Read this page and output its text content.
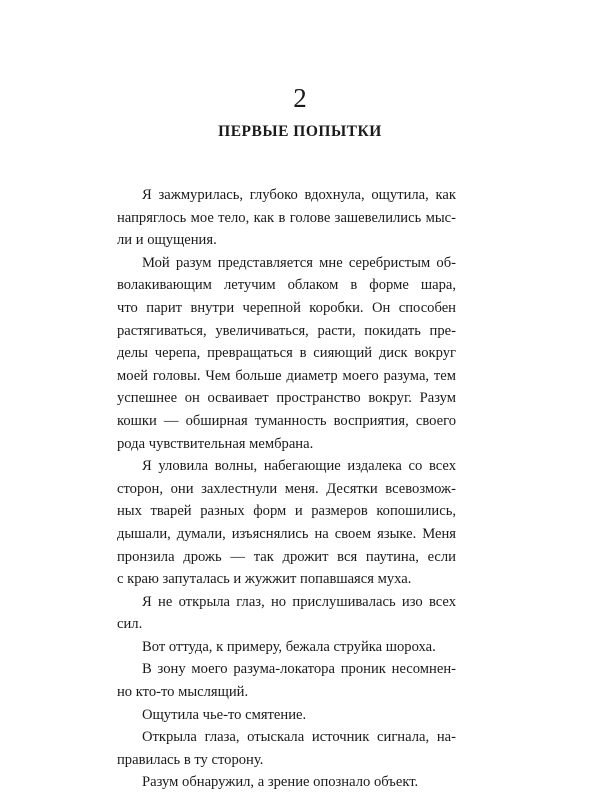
2
ПЕРВЫЕ ПОПЫТКИ
Я зажмурилась, глубоко вдохнула, ощутила, как
напряглось мое тело, как в голове зашевелились мыс-
ли и ощущения.
Мой разум представляется мне серебристым об-
волакивающим летучим облаком в форме шара,
что парит внутри черепной коробки. Он способен
растягиваться, увеличиваться, расти, покидать пре-
делы черепа, превращаться в сияющий диск вокруг
моей головы. Чем больше диаметр моего разума, тем
успешнее он осваивает пространство вокруг. Разум
кошки — обширная туманность восприятия, своего
рода чувствительная мембрана.
Я уловила волны, набегающие издалека со всех
сторон, они захлестнули меня. Десятки всевозмож-
ных тварей разных форм и размеров копошились,
дышали, думали, изъяснялись на своем языке. Меня
пронзила дрожь — так дрожит вся паутина, если
с краю запуталась и жужжит попавшаяся муха.
Я не открыла глаз, но прислушивалась изо всех
сил.
Вот оттуда, к примеру, бежала струйка шороха.
В зону моего разума-локатора проник несомнен-
но кто-то мыслящий.
Ощутила чье-то смятение.
Открыла глаза, отыскала источник сигнала, на-
правилась в ту сторону.
Разум обнаружил, а зрение опознало объект.
